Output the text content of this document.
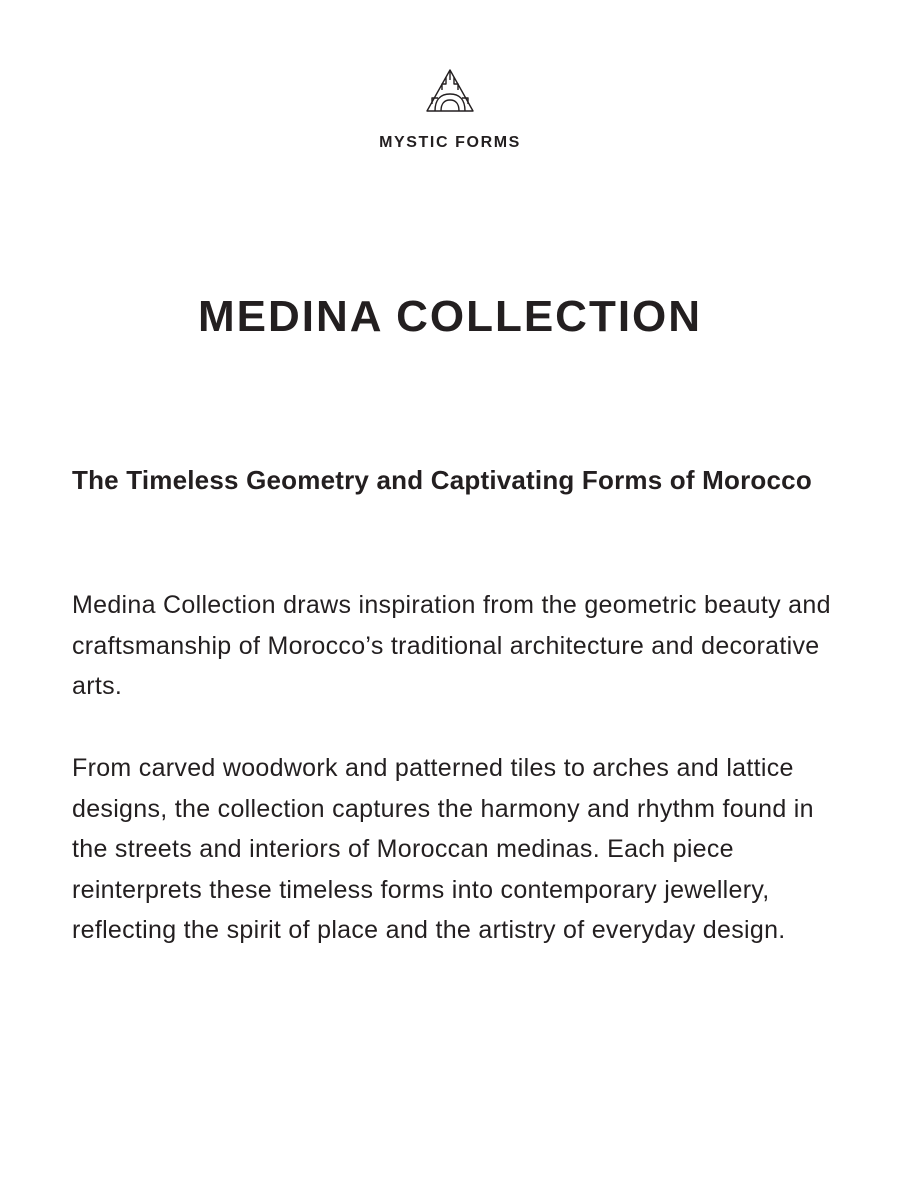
MYSTIC FORMS
MEDINA COLLECTION
The Timeless Geometry and Captivating Forms of Morocco

Medina Collection draws inspiration from the geometric beauty and craftsmanship of Morocco’s traditional architecture and decorative arts.

From carved woodwork and patterned tiles to arches and lattice designs, the collection captures the harmony and rhythm found in the streets and interiors of Moroccan medinas. Each piece reinterprets these timeless forms into contemporary jewellery, reflecting the spirit of place and the artistry of everyday design.
